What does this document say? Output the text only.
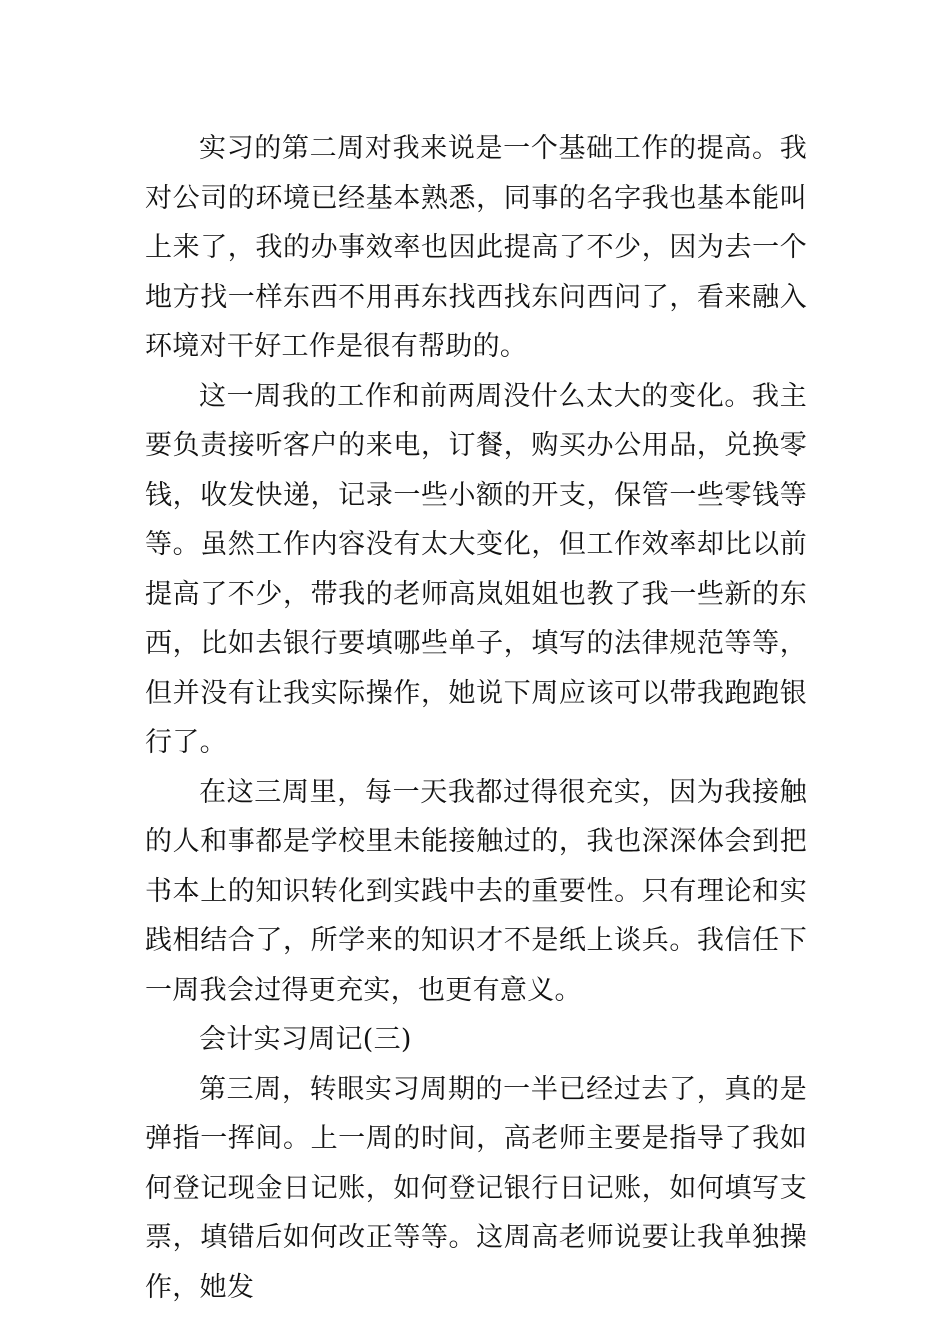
实习的第二周对我来说是一个基础工作的提高。我对公司的环境已经基本熟悉，同事的名字我也基本能叫上来了，我的办事效率也因此提高了不少，因为去一个地方找一样东西不用再东找西找东问西问了，看来融入环境对干好工作是很有帮助的。

这一周我的工作和前两周没什么太大的变化。我主要负责接听客户的来电，订餐，购买办公用品，兑换零钱，收发快递，记录一些小额的开支，保管一些零钱等等。虽然工作内容没有太大变化，但工作效率却比以前提高了不少，带我的老师高岚姐姐也教了我一些新的东西，比如去银行要填哪些单子，填写的法律规范等等，但并没有让我实际操作，她说下周应该可以带我跑跑银行了。

在这三周里，每一天我都过得很充实，因为我接触的人和事都是学校里未能接触过的，我也深深体会到把书本上的知识转化到实践中去的重要性。只有理论和实践相结合了，所学来的知识才不是纸上谈兵。我信任下一周我会过得更充实，也更有意义。

会计实习周记(三)

第三周，转眼实习周期的一半已经过去了，真的是弹指一挥间。上一周的时间，高老师主要是指导了我如何登记现金日记账，如何登记银行日记账，如何填写支票，填错后如何改正等等。这周高老师说要让我单独操作，她发
